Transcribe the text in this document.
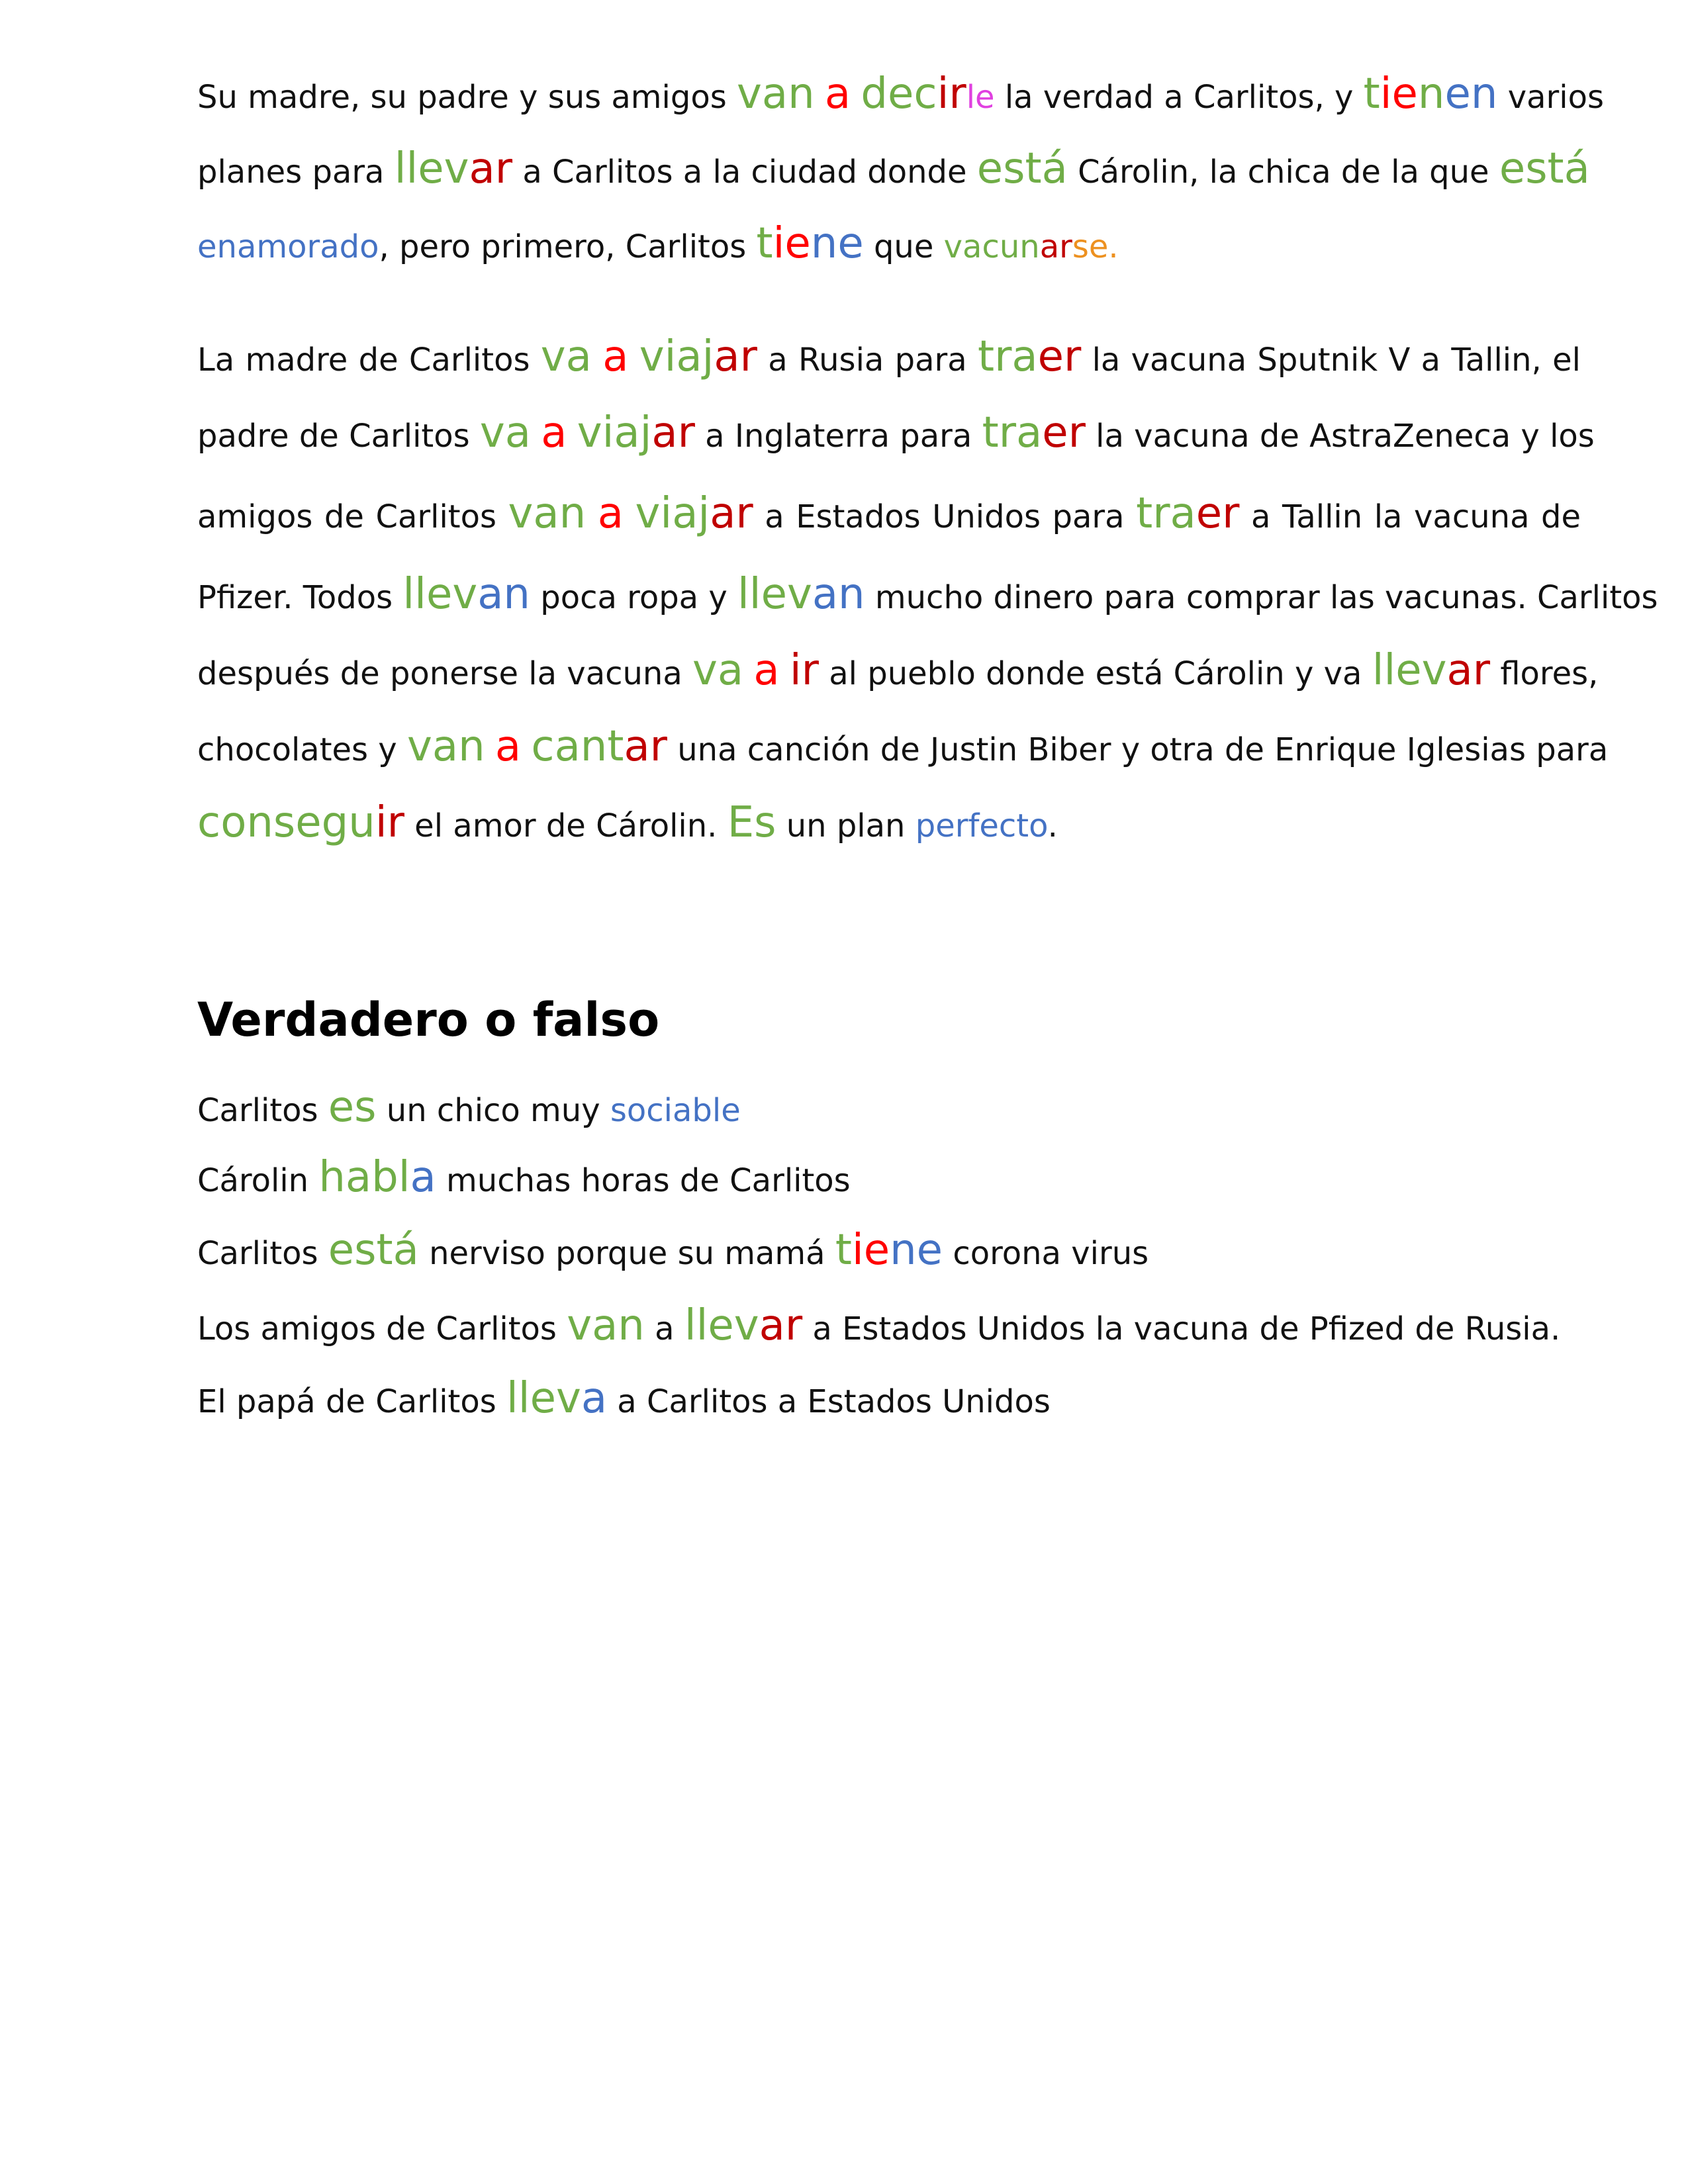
Su madre, su padre y sus amigos van a decirle la verdad a Carlitos, y tienen varios
planes para llevar a Carlitos a la ciudad donde está Cárolin, la chica de la que está
enamorado, pero primero, Carlitos tiene que vacunarse.
La madre de Carlitos va a viajar a Rusia para traer la vacuna Sputnik V a Tallin, el
padre de Carlitos va a viajar a Inglaterra para traer la vacuna de AstraZeneca y los
amigos de Carlitos van a viajar a Estados Unidos para traer a Tallin la vacuna de
Pfizer. Todos llevan poca ropa y llevan mucho dinero para comprar las vacunas. Carlitos
después de ponerse la vacuna va a ir al pueblo donde está Cárolin y va llevar flores,
chocolates y van a cantar una canción de Justin Biber y otra de Enrique Iglesias para
conseguir el amor de Cárolin. Es un plan perfecto.
Verdadero o falso
Carlitos es un chico muy sociable
Cárolin habla muchas horas de Carlitos
Carlitos está nerviso porque su mamá tiene corona virus
Los amigos de Carlitos van a llevar a Estados Unidos la vacuna de Pfized de Rusia.
El papá de Carlitos lleva a Carlitos a Estados Unidos
